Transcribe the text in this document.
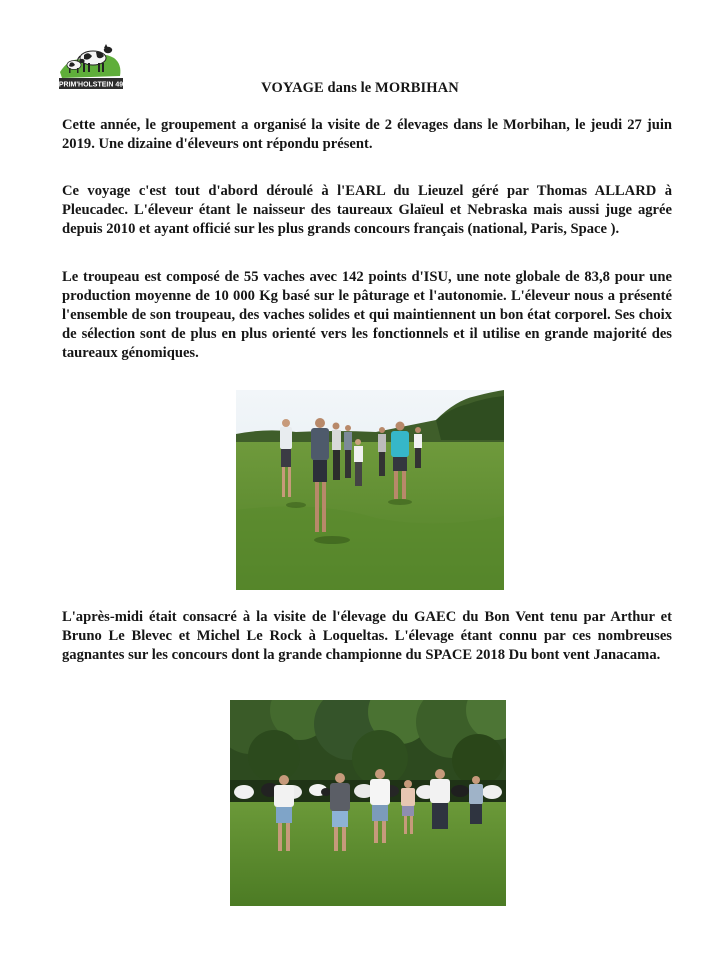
PRIM'HOLSTEIN 49	VOYAGE dans le MORBIHAN

Cette année, le groupement a organisé la visite de 2 élevages dans le Morbihan, le jeudi 27 juin 2019. Une dizaine d'éleveurs ont répondu présent.

Ce voyage c'est tout d'abord déroulé à l'EARL du Lieuzel géré par Thomas ALLARD à Pleucadec. L'éleveur étant le naisseur des taureaux Glaïeul et Nebraska mais aussi juge agrée depuis 2010 et ayant officié sur les plus grands concours français (national, Paris, Space ).

Le troupeau est composé de 55 vaches avec 142 points d'ISU, une note globale de 83,8 pour une production moyenne de 10 000 Kg basé sur le pâturage et l'autonomie. L'éleveur nous a présenté l'ensemble de son troupeau, des vaches solides et qui maintiennent un bon état corporel. Ses choix de sélection sont de plus en plus orienté vers les fonctionnels et il utilise en grande majorité des taureaux génomiques.

L'après-midi était consacré à la visite de l'élevage du GAEC du Bon Vent tenu par Arthur et Bruno Le Blevec et Michel Le Rock à Loqueltas. L'élevage étant connu par ces nombreuses gagnantes sur les concours dont la grande championne du SPACE 2018 Du bont vent Janacama.
